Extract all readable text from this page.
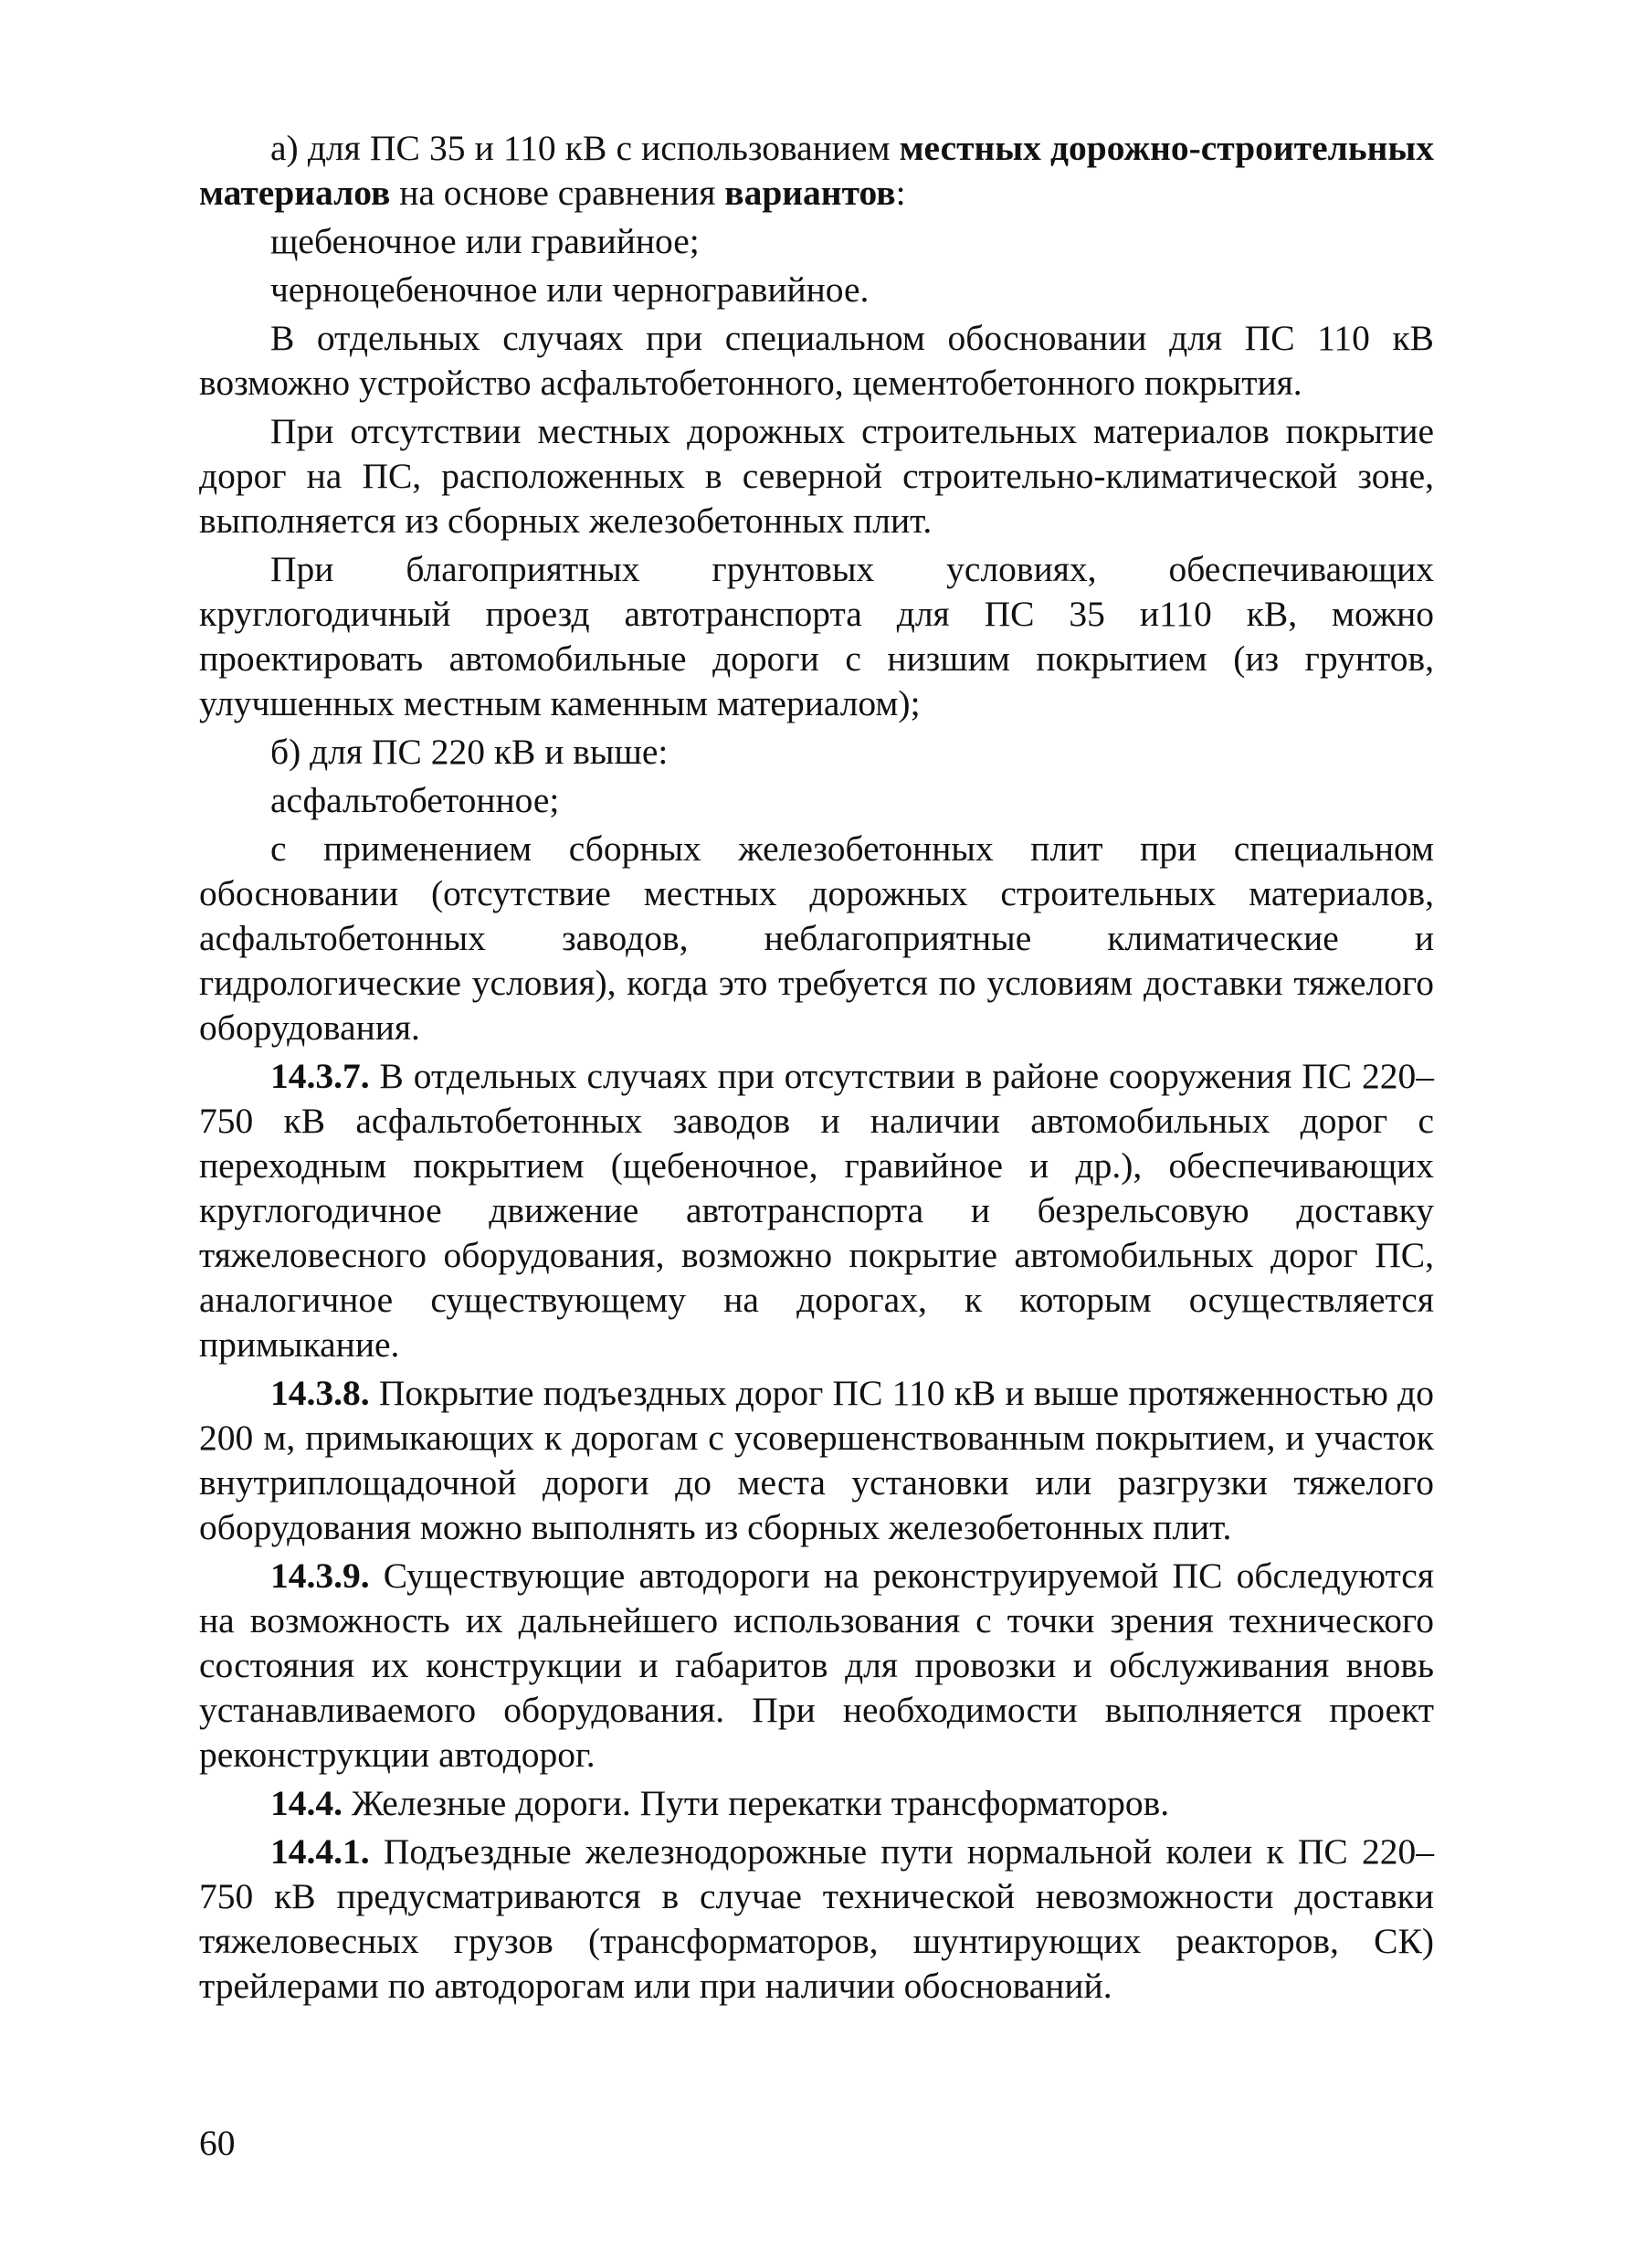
а) для ПС 35 и 110 кВ с использованием местных дорожно-строительных материалов на основе сравнения вариантов:

щебеночное или гравийное;

черноцебеночное или черногравийное.

В отдельных случаях при специальном обосновании для ПС 110 кВ возможно устройство асфальтобетонного, цементобетонного покрытия.

При отсутствии местных дорожных строительных материалов покрытие дорог на ПС, расположенных в северной строительно-климатической зоне, выполняется из сборных железобетонных плит.

При благоприятных грунтовых условиях, обеспечивающих круглогодичный проезд автотранспорта для ПС 35 и110 кВ, можно проектировать автомобильные дороги с низшим покрытием (из грунтов, улучшенных местным каменным материалом);

б) для ПС 220 кВ и выше:

асфальтобетонное;

с применением сборных железобетонных плит при специальном обосновании (отсутствие местных дорожных строительных материалов, асфальтобетонных заводов, неблагоприятные климатические и гидрологические условия), когда это требуется по условиям доставки тяжелого оборудования.

14.3.7. В отдельных случаях при отсутствии в районе сооружения ПС 220–750 кВ асфальтобетонных заводов и наличии автомобильных дорог с переходным покрытием (щебеночное, гравийное и др.), обеспечивающих круглогодичное движение автотранспорта и безрельсовую доставку тяжеловесного оборудования, возможно покрытие автомобильных дорог ПС, аналогичное существующему на дорогах, к которым осуществляется примыкание.

14.3.8. Покрытие подъездных дорог ПС 110 кВ и выше протяженностью до 200 м, примыкающих к дорогам с усовершенствованным покрытием, и участок внутриплощадочной дороги до места установки или разгрузки тяжелого оборудования можно выполнять из сборных железобетонных плит.

14.3.9. Существующие автодороги на реконструируемой ПС обследуются на возможность их дальнейшего использования с точки зрения технического состояния их конструкции и габаритов для провозки и обслуживания вновь устанавливаемого оборудования. При необходимости выполняется проект реконструкции автодорог.

14.4. Железные дороги. Пути перекатки трансформаторов.

14.4.1. Подъездные железнодорожные пути нормальной колеи к ПС 220–750 кВ предусматриваются в случае технической невозможности доставки тяжеловесных грузов (трансформаторов, шунтирующих реакторов, СК) трейлерами по автодорогам или при наличии обоснований.

60
